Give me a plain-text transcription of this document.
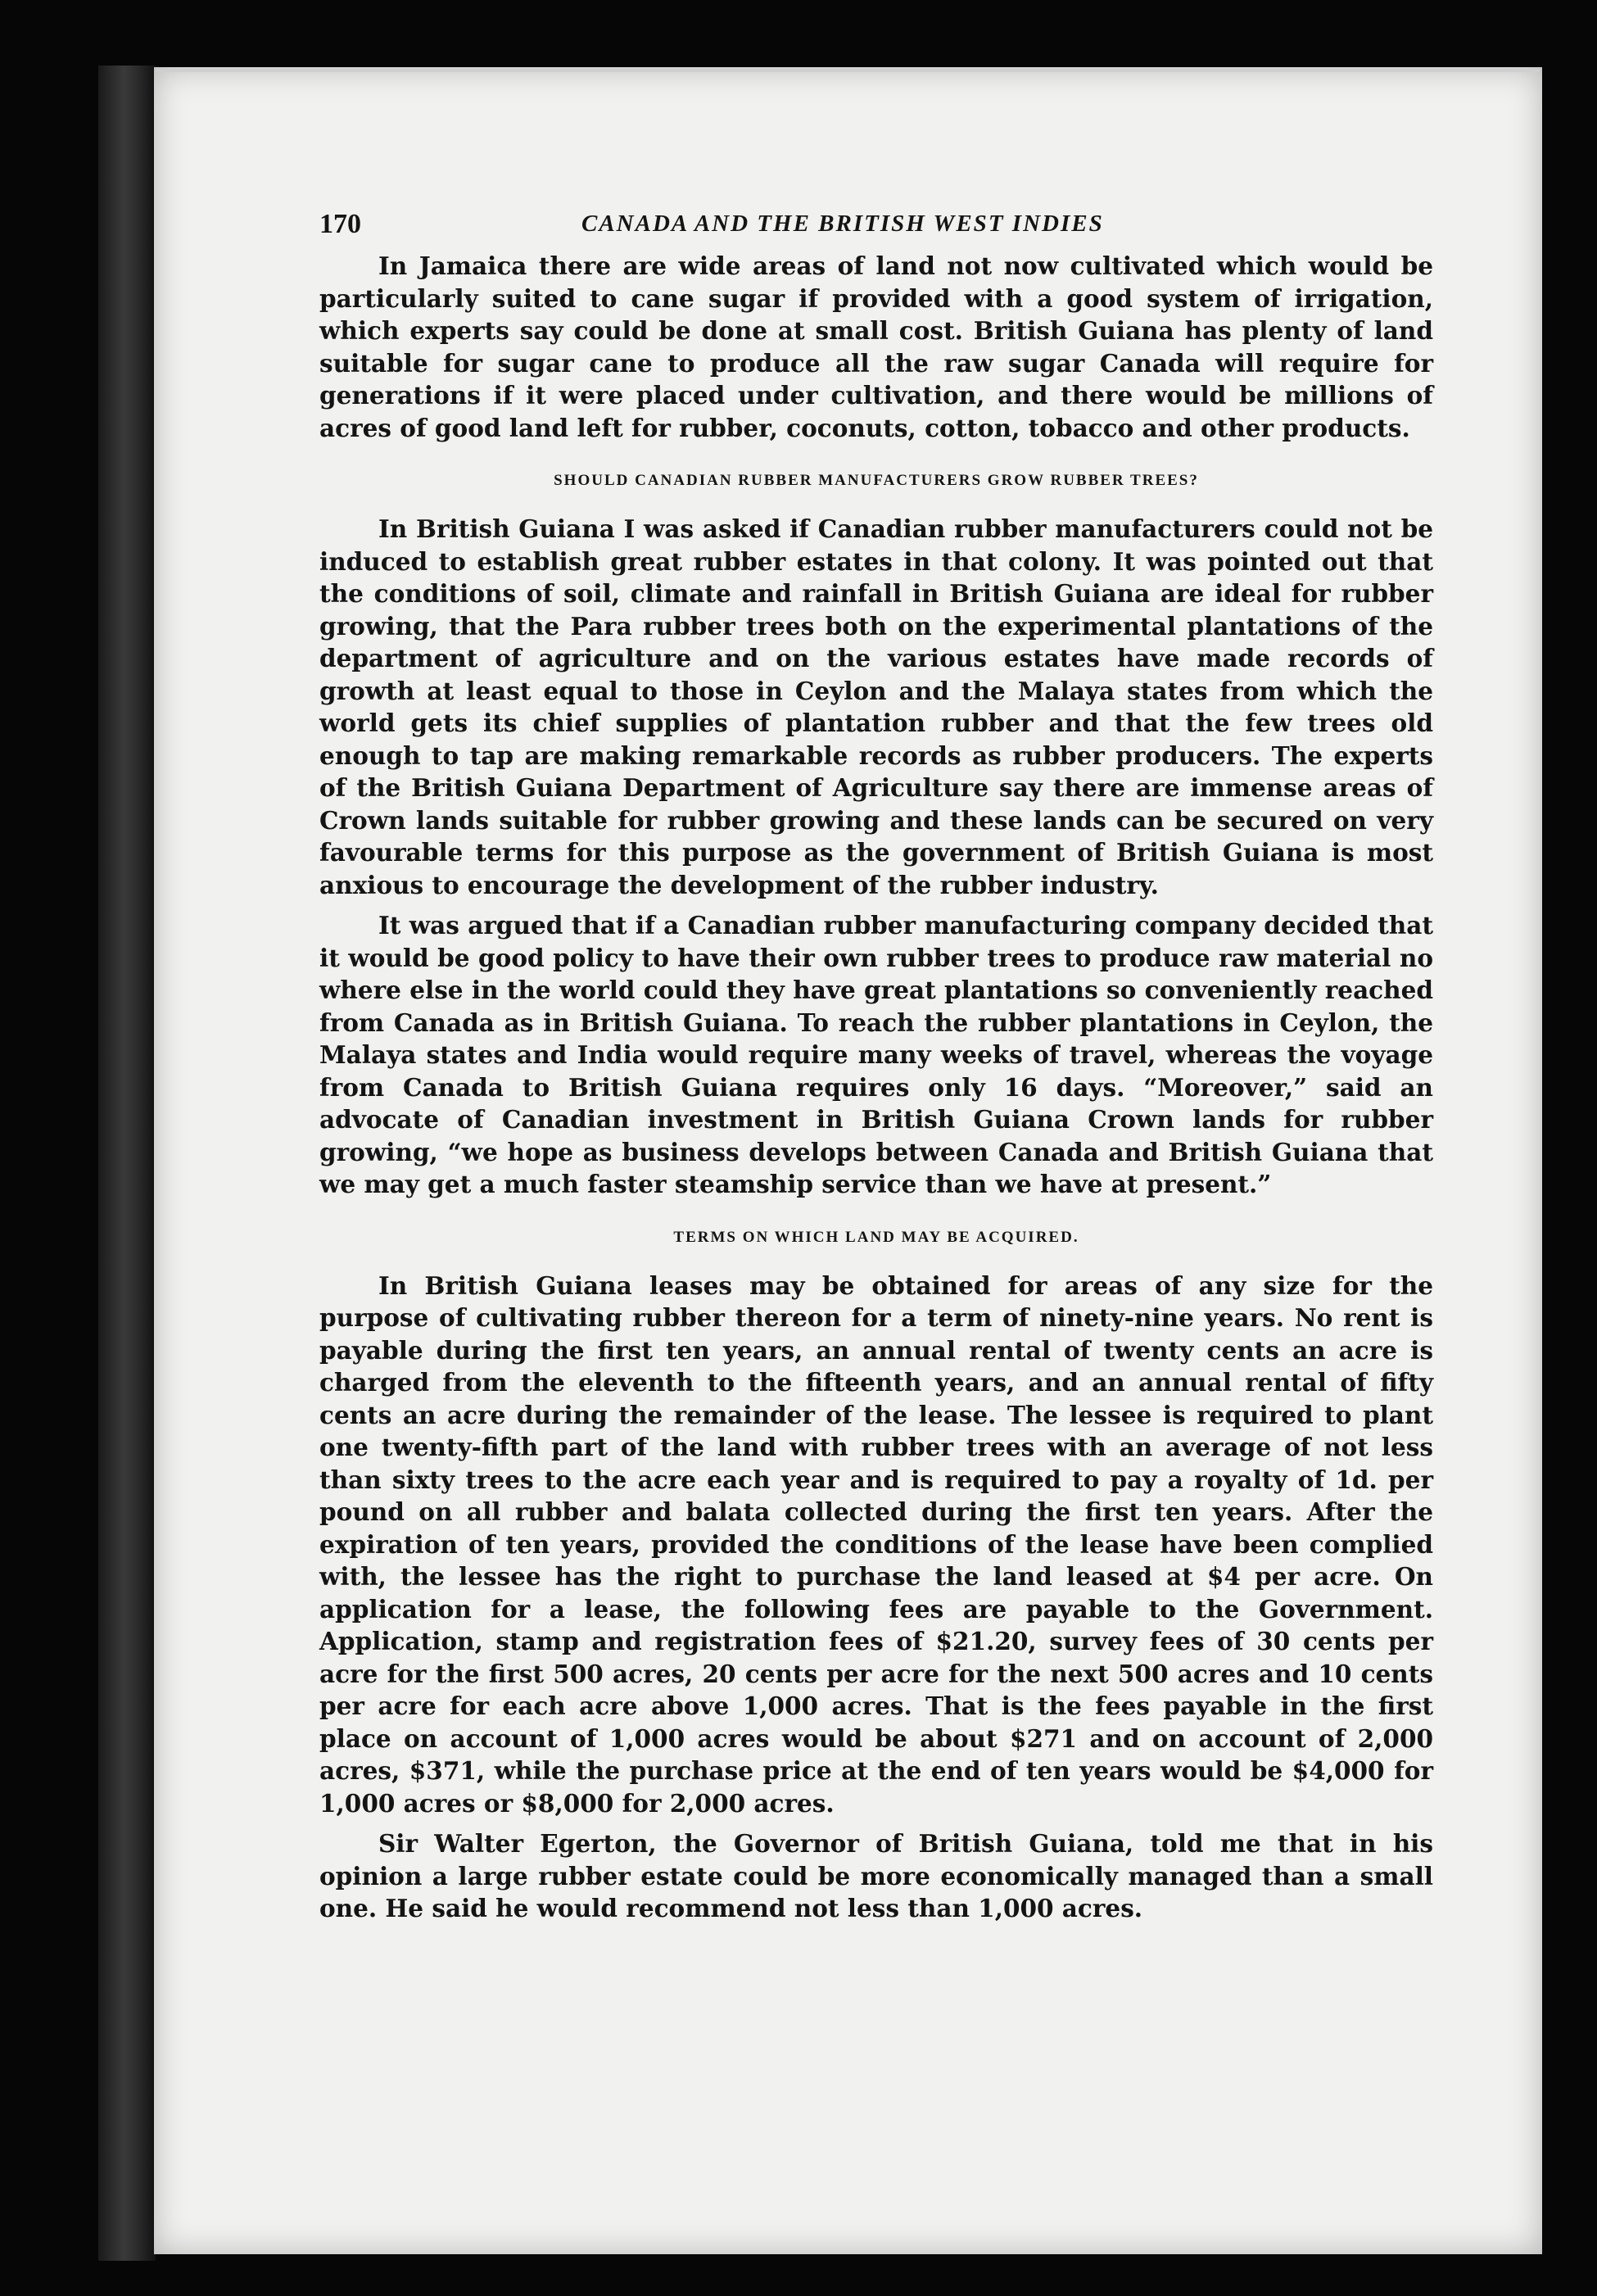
170	CANADA AND THE BRITISH WEST INDIES

In Jamaica there are wide areas of land not now cultivated which would be particularly suited to cane sugar if provided with a good system of irrigation, which experts say could be done at small cost. British Guiana has plenty of land suitable for sugar cane to produce all the raw sugar Canada will require for generations if it were placed under cultivation, and there would be millions of acres of good land left for rubber, coconuts, cotton, tobacco and other products.

SHOULD CANADIAN RUBBER MANUFACTURERS GROW RUBBER TREES?

In British Guiana I was asked if Canadian rubber manufacturers could not be induced to establish great rubber estates in that colony. It was pointed out that the conditions of soil, climate and rainfall in British Guiana are ideal for rubber growing, that the Para rubber trees both on the experimental plantations of the department of agriculture and on the various estates have made records of growth at least equal to those in Ceylon and the Malaya states from which the world gets its chief supplies of plantation rubber and that the few trees old enough to tap are making remarkable records as rubber producers. The experts of the British Guiana Department of Agriculture say there are immense areas of Crown lands suitable for rubber growing and these lands can be secured on very favourable terms for this purpose as the government of British Guiana is most anxious to encourage the development of the rubber industry.

It was argued that if a Canadian rubber manufacturing company decided that it would be good policy to have their own rubber trees to produce raw material no where else in the world could they have great plantations so conveniently reached from Canada as in British Guiana. To reach the rubber plantations in Ceylon, the Malaya states and India would require many weeks of travel, whereas the voyage from Canada to British Guiana requires only 16 days. “Moreover,” said an advocate of Canadian investment in British Guiana Crown lands for rubber growing, “we hope as business develops between Canada and British Guiana that we may get a much faster steamship service than we have at present.”

TERMS ON WHICH LAND MAY BE ACQUIRED.

In British Guiana leases may be obtained for areas of any size for the purpose of cultivating rubber thereon for a term of ninety-nine years. No rent is payable during the first ten years, an annual rental of twenty cents an acre is charged from the eleventh to the fifteenth years, and an annual rental of fifty cents an acre during the remainder of the lease. The lessee is required to plant one twenty-fifth part of the land with rubber trees with an average of not less than sixty trees to the acre each year and is required to pay a royalty of 1d. per pound on all rubber and balata collected during the first ten years. After the expiration of ten years, provided the conditions of the lease have been complied with, the lessee has the right to purchase the land leased at $4 per acre. On application for a lease, the following fees are payable to the Government. Application, stamp and registration fees of $21.20, survey fees of 30 cents per acre for the first 500 acres, 20 cents per acre for the next 500 acres and 10 cents per acre for each acre above 1,000 acres. That is the fees payable in the first place on account of 1,000 acres would be about $271 and on account of 2,000 acres, $371, while the purchase price at the end of ten years would be $4,000 for 1,000 acres or $8,000 for 2,000 acres.

Sir Walter Egerton, the Governor of British Guiana, told me that in his opinion a large rubber estate could be more economically managed than a small one. He said he would recommend not less than 1,000 acres.
